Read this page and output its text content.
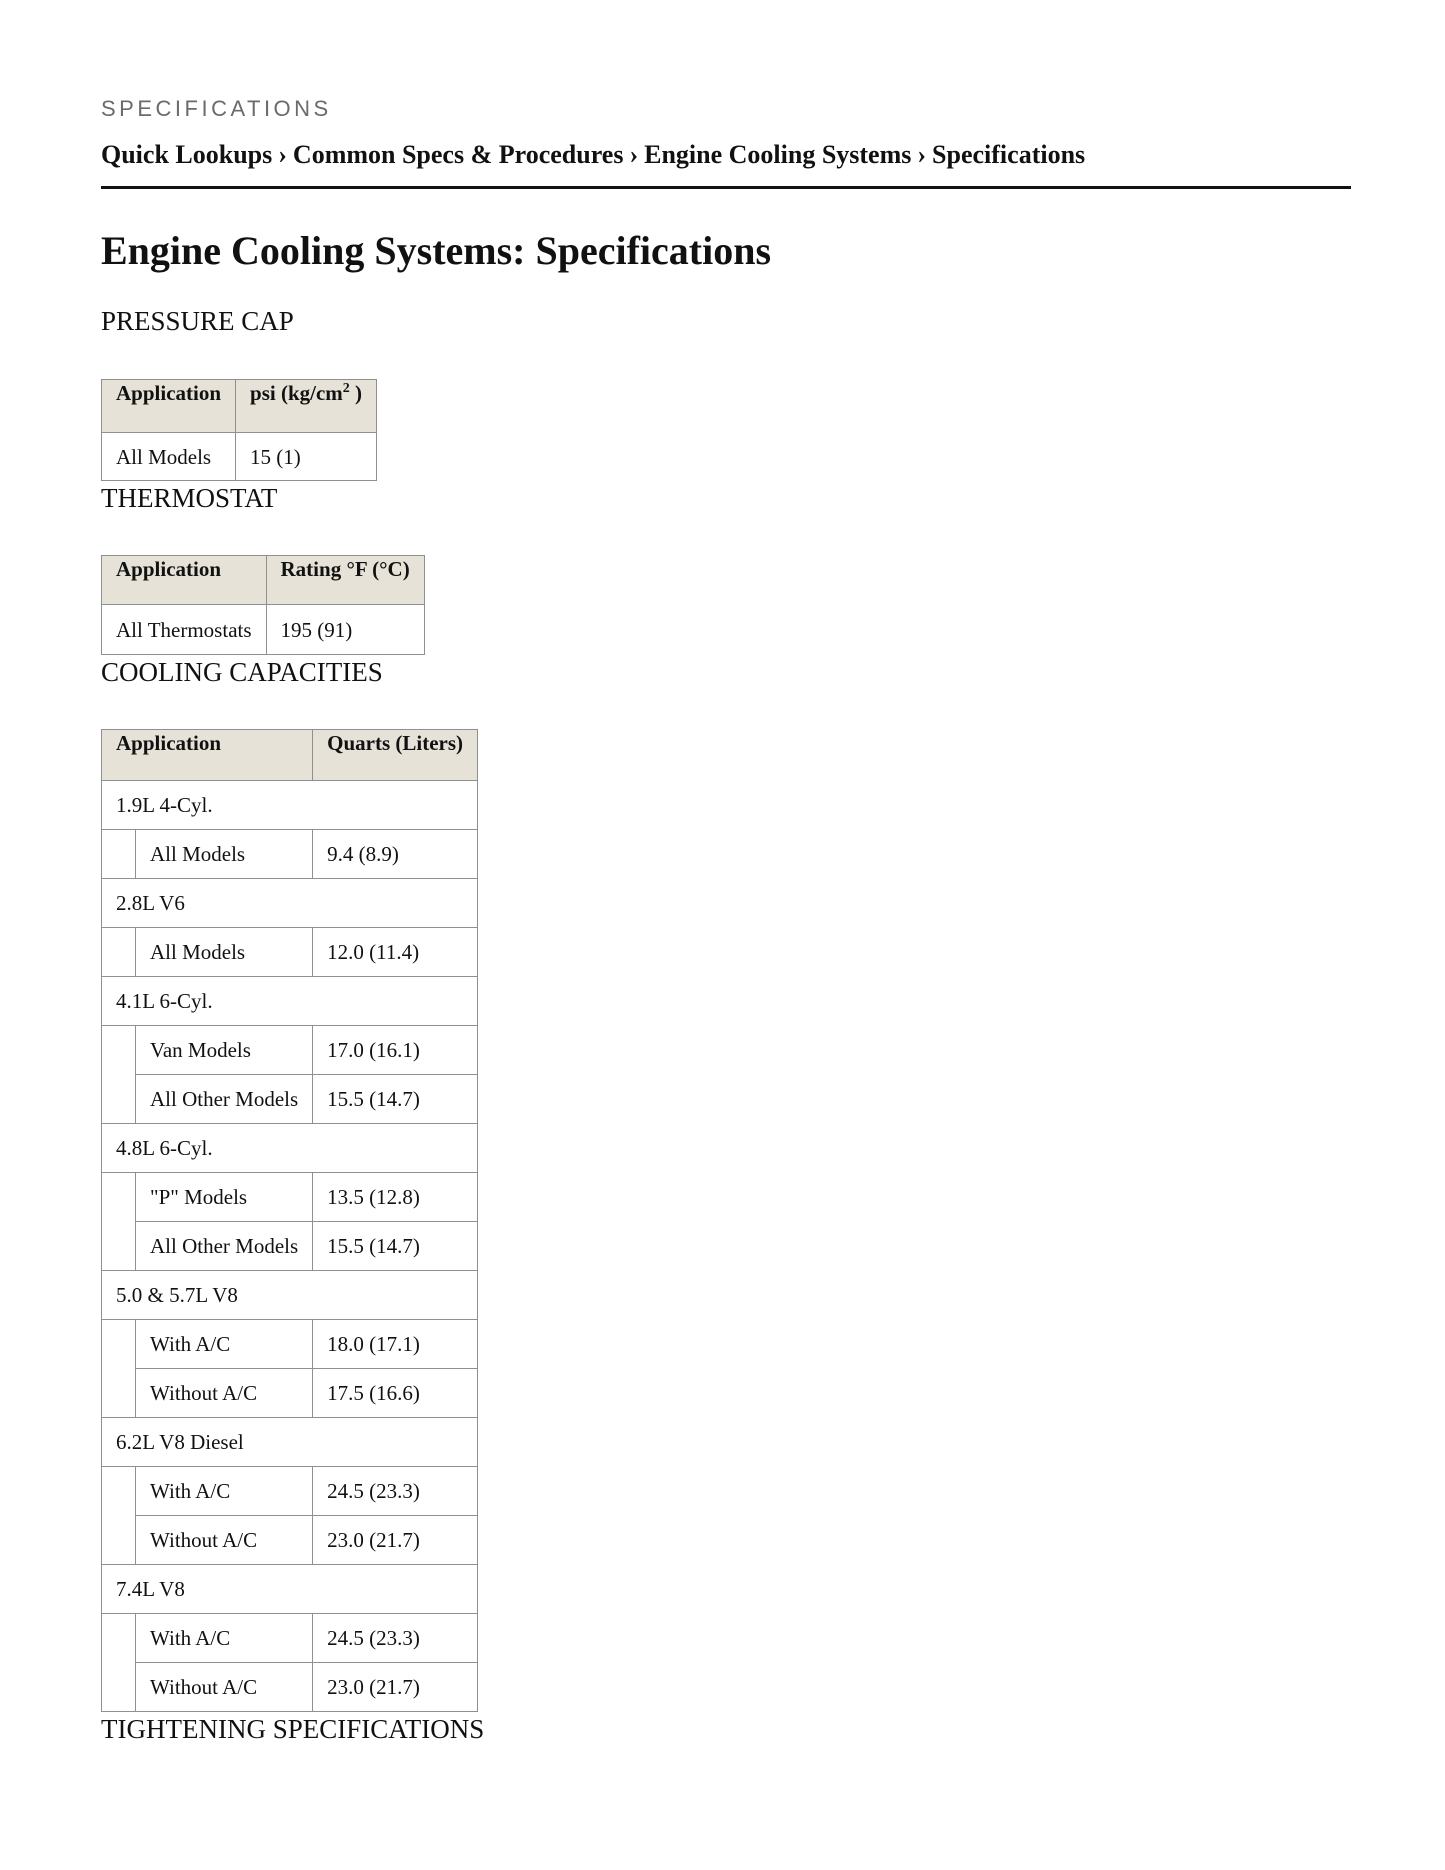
SPECIFICATIONS
Quick Lookups › Common Specs & Procedures › Engine Cooling Systems › Specifications
Engine Cooling Systems: Specifications
PRESSURE CAP
Application	psi ($kg/cm^2$ )
All Models	15 (1)
THERMOSTAT
Application	Rating °F (°C)
All Thermostats	195 (91)
COOLING CAPACITIES
Application		Quarts (Liters)
1.9L 4-Cyl.		
	All Models	9.4 (8.9)
2.8L V6		
	All Models	12.0 (11.4)
4.1L 6-Cyl.		
	Van Models	17.0 (16.1)
	All Other Models	15.5 (14.7)
4.8L 6-Cyl.		
	"P" Models	13.5 (12.8)
	All Other Models	15.5 (14.7)
5.0 & 5.7L V8		
	With A/C	18.0 (17.1)
	Without A/C	17.5 (16.6)
6.2L V8 Diesel		
	With A/C	24.5 (23.3)
	Without A/C	23.0 (21.7)
7.4L V8		
	With A/C	24.5 (23.3)
	Without A/C	23.0 (21.7)
TIGHTENING SPECIFICATIONS
